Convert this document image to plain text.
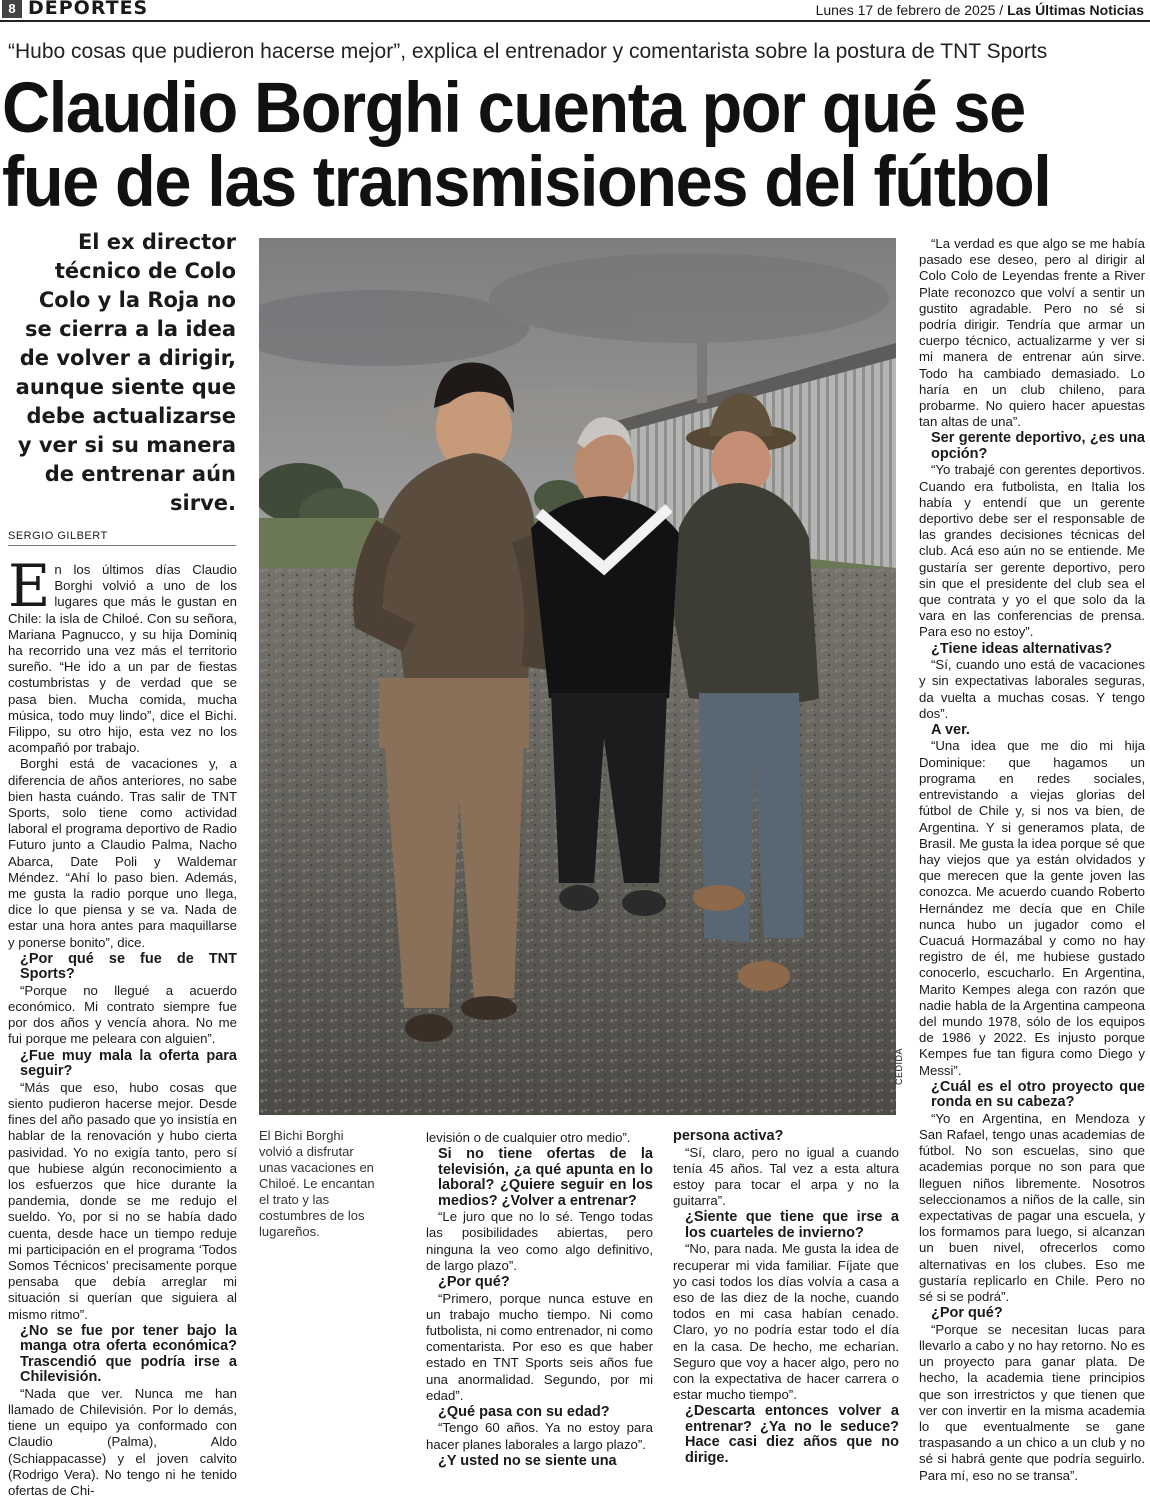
8 DEPORTES	Lunes 17 de febrero de 2025 / Las Últimas Noticias
“Hubo cosas que pudieron hacerse mejor”, explica el entrenador y comentarista sobre la postura de TNT Sports
Claudio Borghi cuenta por qué se
fue de las transmisiones del fútbol
El ex director técnico de Colo Colo y la Roja no se cierra a la idea de volver a dirigir, aunque siente que debe actualizarse y ver si su manera de entrenar aún sirve.
SERGIO GILBERT
E n los últimos días Claudio Borghi volvió a uno de los lugares que más le gustan en Chile: la isla de Chiloé. Con su señora, Mariana Pagnucco, y su hija Dominiq ha recorrido una vez más el territorio sureño. “He ido a un par de fiestas costumbristas y de verdad que se pasa bien. Mucha comida, mucha música, todo muy lindo”, dice el Bichi. Filippo, su otro hijo, esta vez no los acompañó por trabajo.

Borghi está de vacaciones y, a diferencia de años anteriores, no sabe bien hasta cuándo. Tras salir de TNT Sports, solo tiene como actividad laboral el programa deportivo de Radio Futuro junto a Claudio Palma, Nacho Abarca, Date Poli y Waldemar Méndez. “Ahí lo paso bien. Además, me gusta la radio porque uno llega, dice lo que piensa y se va. Nada de estar una hora antes para maquillarse y ponerse bonito”, dice.

¿Por qué se fue de TNT Sports?

“Porque no llegué a acuerdo económico. Mi contrato siempre fue por dos años y vencía ahora. No me fui porque me peleara con alguien”.

¿Fue muy mala la oferta para seguir?

“Más que eso, hubo cosas que siento pudieron hacerse mejor. Desde fines del año pasado que yo insistía en hablar de la renovación y hubo cierta pasividad. Yo no exigía tanto, pero sí que hubiese algún reconocimiento a los esfuerzos que hice durante la pandemia, donde se me redujo el sueldo. Yo, por si no se había dado cuenta, desde hace un tiempo reduje mi participación en el programa ‘Todos Somos Técnicos’ precisamente porque pensaba que debía arreglar mi situación si querían que siguiera al mismo ritmo”.

¿No se fue por tener bajo la manga otra oferta económica? Trascendió que podría irse a Chilevisión.

“Nada que ver. Nunca me han llamado de Chilevisión. Por lo demás, tiene un equipo ya conformado con Claudio (Palma), Aldo (Schiappacasse) y el joven calvito (Rodrigo Vera). No tengo ni he tenido ofertas de Chi-

CEDIDA
El Bichi Borghi volvió a disfrutar unas vacaciones en Chiloé. Le encantan el trato y las costumbres de los lugareños.

levisión o de cualquier otro medio”.

Si no tiene ofertas de la televisión, ¿a qué apunta en lo laboral? ¿Quiere seguir en los medios? ¿Volver a entrenar?

“Le juro que no lo sé. Tengo todas las posibilidades abiertas, pero ninguna la veo como algo definitivo, de largo plazo”.

¿Por qué?

“Primero, porque nunca estuve en un trabajo mucho tiempo. Ni como futbolista, ni como entrenador, ni como comentarista. Por eso es que haber estado en TNT Sports seis años fue una anormalidad. Segundo, por mi edad”.

¿Qué pasa con su edad?

“Tengo 60 años. Ya no estoy para hacer planes laborales a largo plazo”.

¿Y usted no se siente una
persona activa?

“Sí, claro, pero no igual a cuando tenía 45 años. Tal vez a esta altura estoy para tocar el arpa y no la guitarra”.

¿Siente que tiene que irse a los cuarteles de invierno?

“No, para nada. Me gusta la idea de recuperar mi vida familiar. Fíjate que yo casi todos los días volvía a casa a eso de las diez de la noche, cuando todos en mi casa habían cenado. Claro, yo no podría estar todo el día en la casa. De hecho, me echarían. Seguro que voy a hacer algo, pero no con la expectativa de hacer carrera o estar mucho tiempo”.

¿Descarta entonces volver a entrenar? ¿Ya no le seduce? Hace casi diez años que no dirige.

“La verdad es que algo se me había pasado ese deseo, pero al dirigir al Colo Colo de Leyendas frente a River Plate reconozco que volví a sentir un gustito agradable. Pero no sé si podría dirigir. Tendría que armar un cuerpo técnico, actualizarme y ver si mi manera de entrenar aún sirve. Todo ha cambiado demasiado. Lo haría en un club chileno, para probarme. No quiero hacer apuestas tan altas de una”.

Ser gerente deportivo, ¿es una opción?

“Yo trabajé con gerentes deportivos. Cuando era futbolista, en Italia los había y entendí que un gerente deportivo debe ser el responsable de las grandes decisiones técnicas del club. Acá eso aún no se entiende. Me gustaría ser gerente deportivo, pero sin que el presidente del club sea el que contrata y yo el que solo da la vara en las conferencias de prensa. Para eso no estoy”.

¿Tiene ideas alternativas?

“Sí, cuando uno está de vacaciones y sin expectativas laborales seguras, da vuelta a muchas cosas. Y tengo dos”.

A ver.

“Una idea que me dio mi hija Dominique: que hagamos un programa en redes sociales, entrevistando a viejas glorias del fútbol de Chile y, si nos va bien, de Argentina. Y si generamos plata, de Brasil. Me gusta la idea porque sé que hay viejos que ya están olvidados y que merecen que la gente joven las conozca. Me acuerdo cuando Roberto Hernández me decía que en Chile nunca hubo un jugador como el Cuacuá Hormazábal y como no hay registro de él, me hubiese gustado conocerlo, escucharlo. En Argentina, Marito Kempes alega con razón que nadie habla de la Argentina campeona del mundo 1978, sólo de los equipos de 1986 y 2022. Es injusto porque Kempes fue tan figura como Diego y Messi”.

¿Cuál es el otro proyecto que ronda en su cabeza?

“Yo en Argentina, en Mendoza y San Rafael, tengo unas academias de fútbol. No son escuelas, sino que academias porque no son para que lleguen niños libremente. Nosotros seleccionamos a niños de la calle, sin expectativas de pagar una escuela, y los formamos para luego, si alcanzan un buen nivel, ofrecerlos como alternativas en los clubes. Eso me gustaría replicarlo en Chile. Pero no sé si se podrá”.

¿Por qué?

“Porque se necesitan lucas para llevarlo a cabo y no hay retorno. No es un proyecto para ganar plata. De hecho, la academia tiene principios que son irrestrictos y que tienen que ver con invertir en la misma academia lo que eventualmente se gane traspasando a un chico a un club y no sé si habrá gente que podría seguirlo. Para mí, eso no se transa”.
